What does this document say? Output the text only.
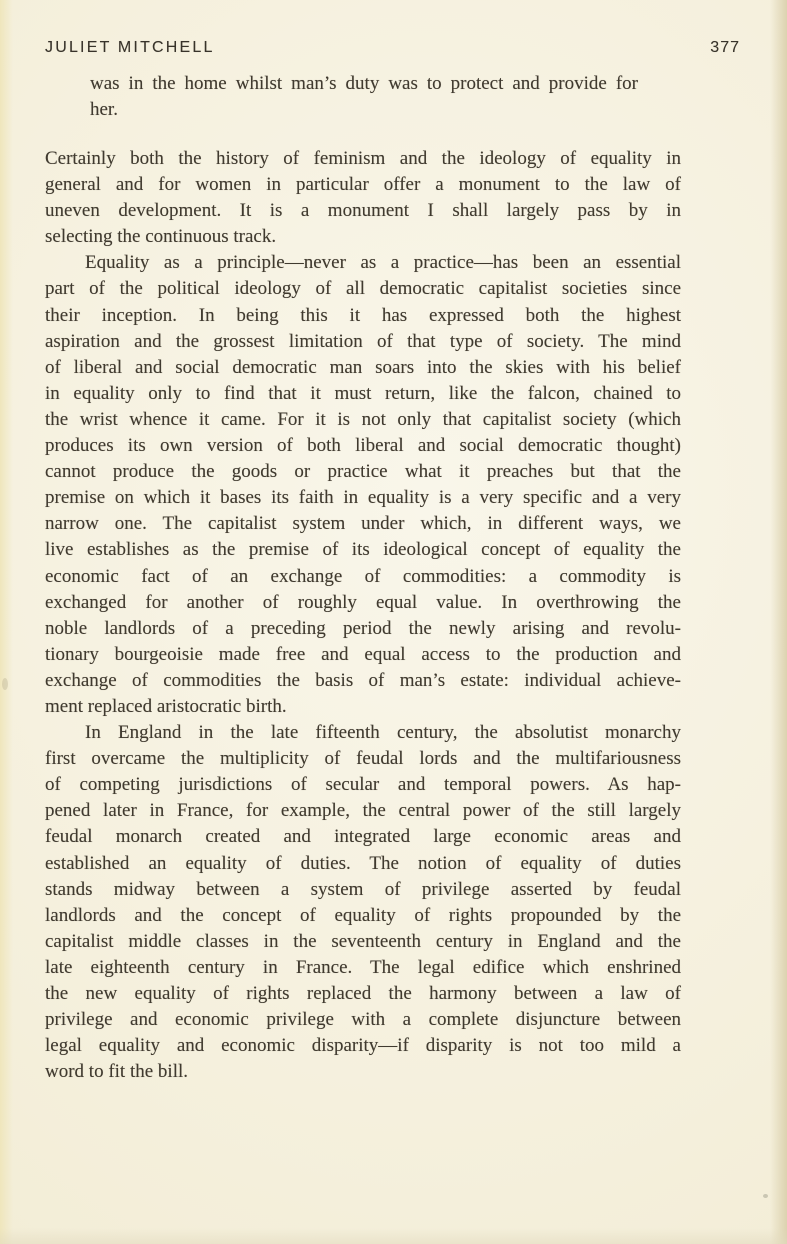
JULIET MITCHELL	377
was in the home whilst man’s duty was to protect and provide for
her.
Certainly both the history of feminism and the ideology of equality in
general and for women in particular offer a monument to the law of
uneven development. It is a monument I shall largely pass by in
selecting the continuous track.
Equality as a principle—never as a practice—has been an essential
part of the political ideology of all democratic capitalist societies since
their inception. In being this it has expressed both the highest
aspiration and the grossest limitation of that type of society. The mind
of liberal and social democratic man soars into the skies with his belief
in equality only to find that it must return, like the falcon, chained to
the wrist whence it came. For it is not only that capitalist society (which
produces its own version of both liberal and social democratic thought)
cannot produce the goods or practice what it preaches but that the
premise on which it bases its faith in equality is a very specific and a very
narrow one. The capitalist system under which, in different ways, we
live establishes as the premise of its ideological concept of equality the
economic fact of an exchange of commodities: a commodity is
exchanged for another of roughly equal value. In overthrowing the
noble landlords of a preceding period the newly arising and revolu-
tionary bourgeoisie made free and equal access to the production and
exchange of commodities the basis of man’s estate: individual achieve-
ment replaced aristocratic birth.
In England in the late fifteenth century, the absolutist monarchy
first overcame the multiplicity of feudal lords and the multifariousness
of competing jurisdictions of secular and temporal powers. As hap-
pened later in France, for example, the central power of the still largely
feudal monarch created and integrated large economic areas and
established an equality of duties. The notion of equality of duties
stands midway between a system of privilege asserted by feudal
landlords and the concept of equality of rights propounded by the
capitalist middle classes in the seventeenth century in England and the
late eighteenth century in France. The legal edifice which enshrined
the new equality of rights replaced the harmony between a law of
privilege and economic privilege with a complete disjuncture between
legal equality and economic disparity—if disparity is not too mild a
word to fit the bill.
